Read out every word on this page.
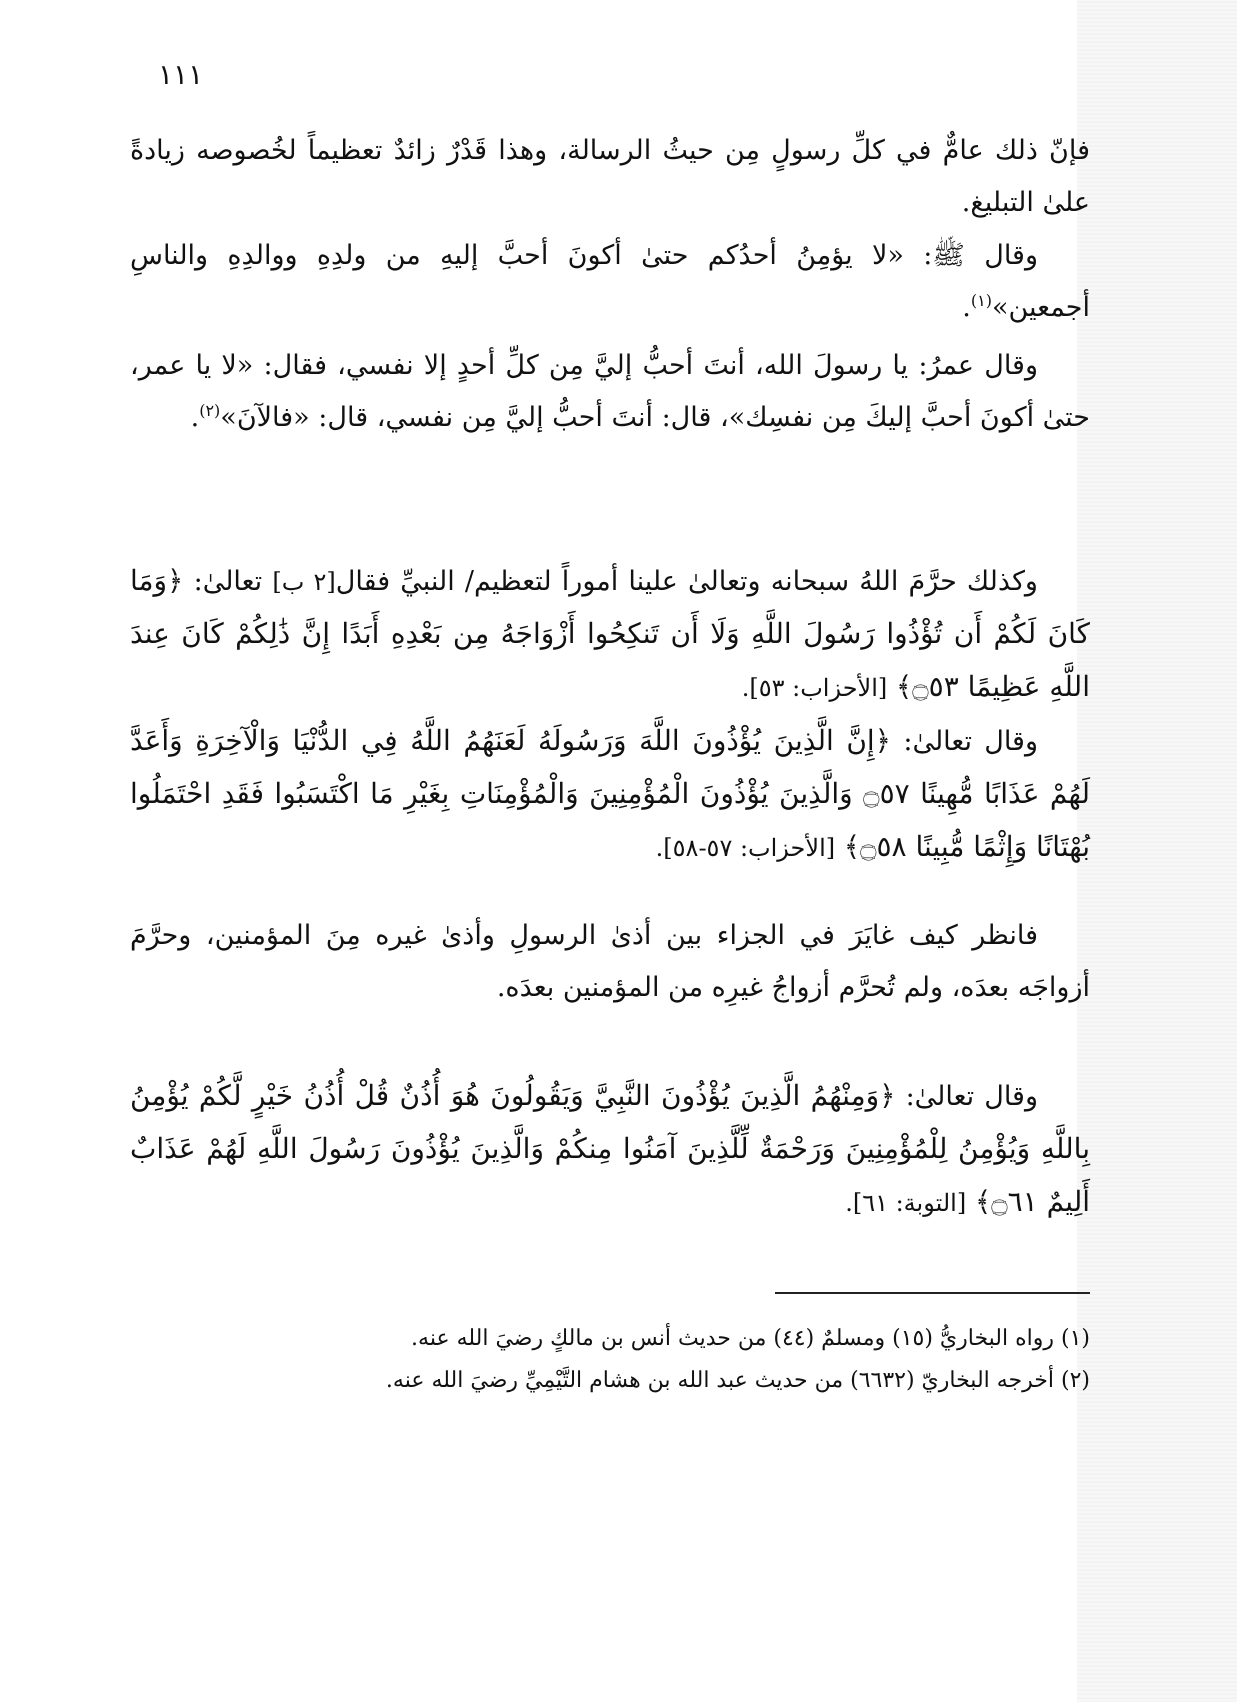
١١١

فإنّ ذلك عامٌّ في كلِّ رسولٍ مِن حيثُ الرسالة، وهذا قَدْرٌ زائدٌ تعظيماً لخُصوصه زيادةً علىٰ التبليغ.

وقال ﷺ: «لا يؤمِنُ أحدُكم حتىٰ أكونَ أحبَّ إليهِ من ولدِهِ ووالدِهِ والناسِ أجمعين»$^{(١)}$.

وقال عمرُ: يا رسولَ الله، أنتَ أحبُّ إليَّ مِن كلِّ أحدٍ إلا نفسي، فقال: «لا يا عمر، حتىٰ أكونَ أحبَّ إليكَ مِن نفسِك»، قال: أنتَ أحبُّ إليَّ مِن نفسي، قال: «فالآنَ»$^{(٢)}$.

وكذلك حرَّمَ اللهُ سبحانه وتعالىٰ علينا أموراً لتعظيم/ النبيِّ فقال[٢ ب] تعالىٰ: ﴿وَمَا كَانَ لَكُمْ أَن تُؤْذُوا رَسُولَ اللَّهِ وَلَا أَن تَنكِحُوا أَزْوَاجَهُ مِن بَعْدِهِ أَبَدًا إِنَّ ذَٰلِكُمْ كَانَ عِندَ اللَّهِ عَظِيمًا ۝٥٣﴾ [الأحزاب: ٥٣].

وقال تعالىٰ: ﴿إِنَّ الَّذِينَ يُؤْذُونَ اللَّهَ وَرَسُولَهُ لَعَنَهُمُ اللَّهُ فِي الدُّنْيَا وَالْآخِرَةِ وَأَعَدَّ لَهُمْ عَذَابًا مُّهِينًا ۝٥٧ وَالَّذِينَ يُؤْذُونَ الْمُؤْمِنِينَ وَالْمُؤْمِنَاتِ بِغَيْرِ مَا اكْتَسَبُوا فَقَدِ احْتَمَلُوا بُهْتَانًا وَإِثْمًا مُّبِينًا ۝٥٨﴾ [الأحزاب: ٥٧-٥٨].

فانظر كيف غايَرَ في الجزاء بين أذىٰ الرسولِ وأذىٰ غيره مِنَ المؤمنين، وحرَّمَ أزواجَه بعدَه، ولم تُحرَّم أزواجُ غيرِه من المؤمنين بعدَه.

وقال تعالىٰ: ﴿وَمِنْهُمُ الَّذِينَ يُؤْذُونَ النَّبِيَّ وَيَقُولُونَ هُوَ أُذُنٌ قُلْ أُذُنُ خَيْرٍ لَّكُمْ يُؤْمِنُ بِاللَّهِ وَيُؤْمِنُ لِلْمُؤْمِنِينَ وَرَحْمَةٌ لِّلَّذِينَ آمَنُوا مِنكُمْ وَالَّذِينَ يُؤْذُونَ رَسُولَ اللَّهِ لَهُمْ عَذَابٌ أَلِيمٌ ۝٦١﴾ [التوبة: ٦١].

(١) رواه البخاريُّ (١٥) ومسلمٌ (٤٤) من حديث أنس بن مالكٍ رضيَ الله عنه.
(٢) أخرجه البخاريّ (٦٦٣٢) من حديث عبد الله بن هشام التَّيْمِيِّ رضيَ الله عنه.
